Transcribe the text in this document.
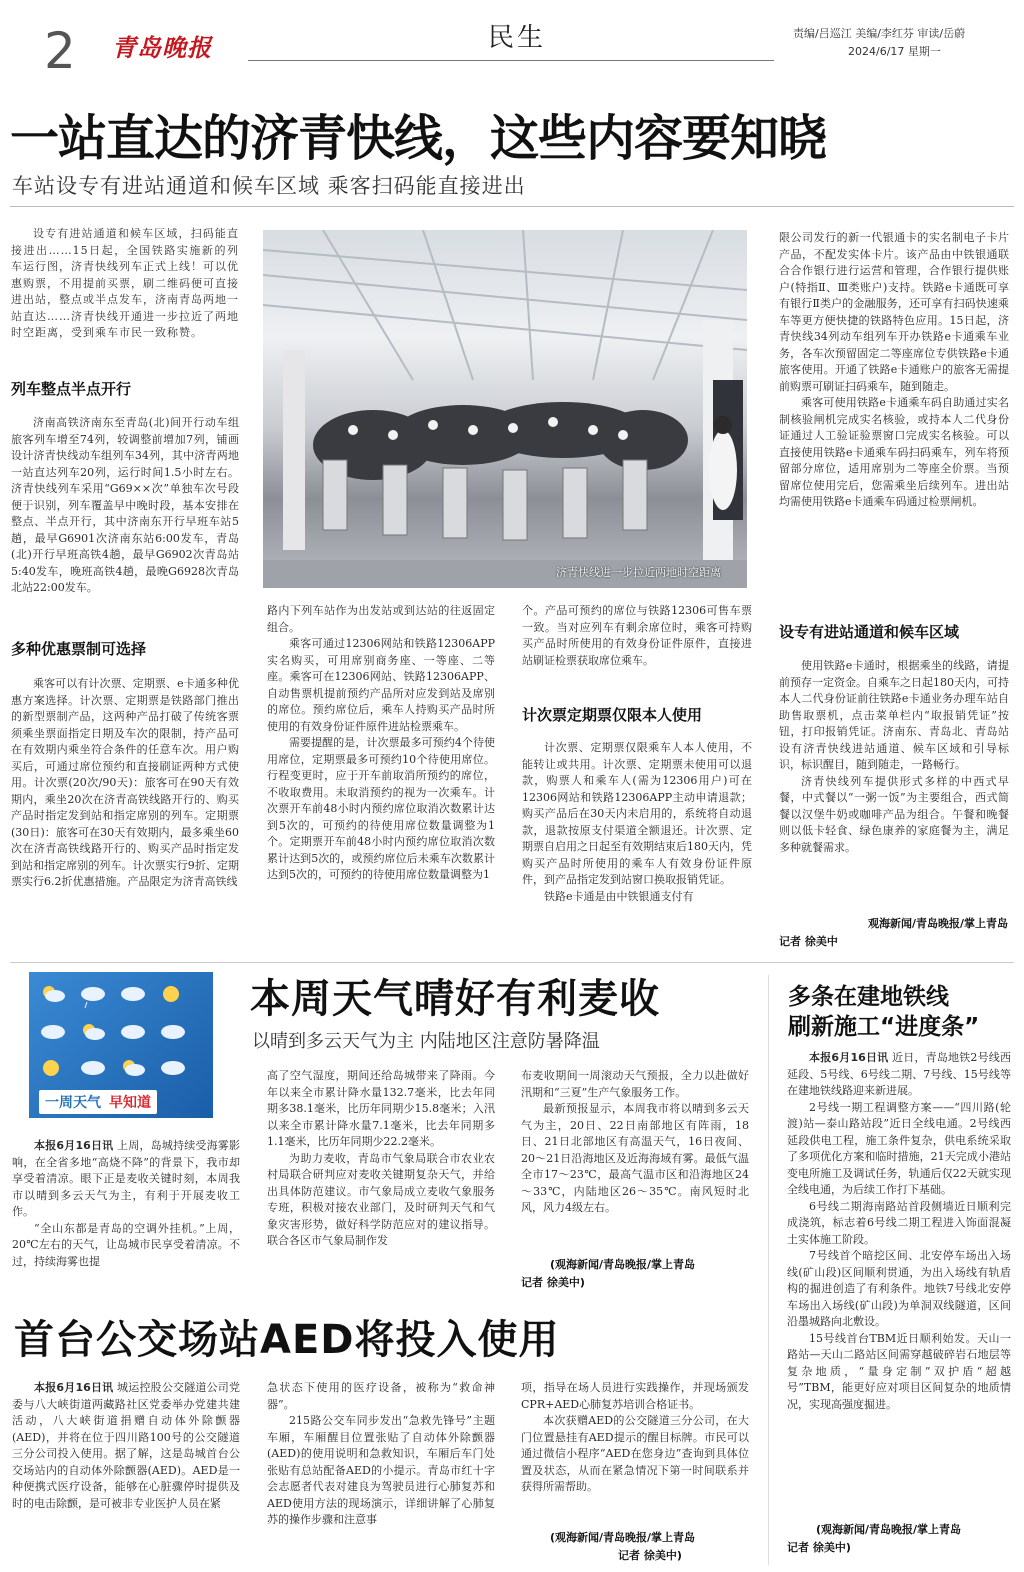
2 青岛晚报	民生	责编/吕巡江 美编/李红芬 审读/岳蔚
2024/6/17 星期一
一站直达的济青快线，这些内容要知晓
车站设专有进站通道和候车区域 乘客扫码能直接进出
设专有进站通道和候车区域，扫码能直接进出……15日起，全国铁路实施新的列车运行图，济青快线列车正式上线！可以优惠购票，不用提前买票，刷二维码便可直接进出站，整点或半点发车，济南青岛两地一站直达……济青快线开通进一步拉近了两地时空距离，受到乘车市民一致称赞。
列车整点半点开行

济南高铁济南东至青岛(北)间开行动车组旅客列车增至74列，较调整前增加7列，铺画设计济青快线动车组列车34列，其中济青两地一站直达列车20列，运行时间1.5小时左右。济青快线列车采用“G69××次”单独车次号段便于识别，列车覆盖早中晚时段，基本安排在整点、半点开行，其中济南东开行早班车站5趟，最早G6901次济南东站6:00发车，青岛(北)开行早班高铁4趟，最早G6902次青岛站5:40发车，晚班高铁4趟，最晚G6928次青岛北站22:00发车。

多种优惠票制可选择

乘客可以有计次票、定期票、e卡通多种优惠方案选择。计次票、定期票是铁路部门推出的新型票制产品，这两种产品打破了传统客票须乘坐票面指定日期及车次的限制，持产品可在有效期内乘坐符合条件的任意车次。用户购买后，可通过席位预约和直接刷证两种方式使用。计次票(20次/90天)：旅客可在90天有效期内，乘坐20次在济青高铁线路开行的、购买产品时指定发到站和指定席别的列车。定期票(30日)：旅客可在30天有效期内，最多乘坐60次在济青高铁线路开行的、购买产品时指定发到站和指定席别的列车。计次票实行9折、定期票实行6.2折优惠措施。产品限定为济青高铁线

济青快线进一步拉近两地时空距离

路内下列车站作为出发站或到达站的往返固定组合。

乘客可通过12306网站和铁路12306APP实名购买，可用席别商务座、一等座、二等座。乘客可在12306网站、铁路12306APP、自动售票机提前预约产品所对应发到站及席别的席位。预约席位后，乘车人持购买产品时所使用的有效身份证件原件进站检票乘车。

需要提醒的是，计次票最多可预约4个待使用席位，定期票最多可预约10个待使用席位。行程变更时，应于开车前取消所预约的席位，不收取费用。未取消预约的视为一次乘车。计次票开车前48小时内预约席位取消次数累计达到5次的，可预约的待使用席位数量调整为1个。定期票开车前48小时内预约席位取消次数累计达到5次的，或预约席位后未乘车次数累计达到5次的，可预约的待使用席位数量调整为1

个。产品可预约的席位与铁路12306可售车票一致。当对应列车有剩余席位时，乘客可持购买产品时所使用的有效身份证件原件，直接进站刷证检票获取席位乘车。

计次票定期票仅限本人使用

计次票、定期票仅限乘车人本人使用，不能转让或共用。计次票、定期票未使用可以退款，购票人和乘车人(需为12306用户)可在12306网站和铁路12306APP主动申请退款；购买产品后在30天内未启用的，系统将自动退款，退款按原支付渠道全额退还。计次票、定期票自启用之日起至有效期结束后180天内，凭购买产品时所使用的乘车人有效身份证件原件，到产品指定发到站窗口换取报销凭证。

铁路e卡通是由中铁银通支付有

限公司发行的新一代银通卡的实名制电子卡片产品，不配发实体卡片。该产品由中铁银通联合合作银行进行运营和管理，合作银行提供账户(特指Ⅱ、Ⅲ类账户)支持。铁路e卡通既可享有银行Ⅱ类户的金融服务，还可享有扫码快速乘车等更方便快捷的铁路特色应用。15日起，济青快线34列动车组列车开办铁路e卡通乘车业务，各车次预留固定二等座席位专供铁路e卡通旅客使用。开通了铁路e卡通账户的旅客无需提前购票可刷证扫码乘车，随到随走。

乘客可使用铁路e卡通乘车码自助通过实名制核验闸机完成实名核验，或持本人二代身份证通过人工验证验票窗口完成实名核验。可以直接使用铁路e卡通乘车码扫码乘车，列车将预留部分席位，适用席别为二等座全价票。当预留席位使用完后，您需乘坐后续列车。进出站均需使用铁路e卡通乘车码通过检票闸机。

设专有进站通道和候车区域

使用铁路e卡通时，根据乘坐的线路，请提前预存一定资金。自乘车之日起180天内，可持本人二代身份证前往铁路e卡通业务办理车站自助售取票机，点击菜单栏内“取报销凭证”按钮，打印报销凭证。济南东、青岛北、青岛站设有济青快线进站通道、候车区域和引导标识，标识醒目，随到随走，一路畅行。

济青快线列车提供形式多样的中西式早餐，中式餐以“一粥一饭”为主要组合，西式简餐以汉堡牛奶或咖啡产品为组合。午餐和晚餐则以低卡轻食、绿色康养的家庭餐为主，满足多种就餐需求。

观海新闻/青岛晚报/掌上青岛
记者 徐美中
一周天气 早知道
本周天气晴好有利麦收
以晴到多云天气为主 内陆地区注意防暑降温

本报6月16日讯 上周，岛城持续受海雾影响，在全省多地“高烧不降”的背景下，我市却享受着清凉。眼下正是麦收关键时刻，本周我市以晴到多云天气为主，有利于开展麦收工作。

“全山东都是青岛的空调外挂机。”上周，20℃左右的天气，让岛城市民享受着清凉。不过，持续海雾也提

高了空气湿度，期间还给岛城带来了降雨。今年以来全市累计降水量132.7毫米，比去年同期多38.1毫米，比历年同期少15.8毫米；入汛以来全市累计降水量7.1毫米，比去年同期多1.1毫米，比历年同期少22.2毫米。

为助力麦收，青岛市气象局联合市农业农村局联合研判应对麦收关键期复杂天气，并给出具体防范建议。市气象局成立麦收气象服务专班，积极对接农业部门，及时研判天气和气象灾害形势，做好科学防范应对的建议指导。联合各区市气象局制作发

布麦收期间一周滚动天气预报，全力以赴做好汛期和“三夏”生产气象服务工作。

最新预报显示，本周我市将以晴到多云天气为主，20日、22日南部地区有阵雨，18日、21日北部地区有高温天气，16日夜间、20～21日沿海地区及近海海域有雾。最低气温全市17～23℃，最高气温市区和沿海地区24～33℃，内陆地区26～35℃。南风短时北风，风力4级左右。

(观海新闻/青岛晚报/掌上青岛
记者 徐美中)
首台公交场站AED将投入使用

本报6月16日讯 城运控股公交隧道公司党委与八大峡街道两藏路社区党委举办党建共建活动，八大峡街道捐赠自动体外除颤器(AED)，并将在位于四川路100号的公交隧道三分公司投入使用。据了解，这是岛城首台公交场站内的自动体外除颤器(AED)。AED是一种便携式医疗设备，能够在心脏骤停时提供及时的电击除颤，是可被非专业医护人员在紧

急状态下使用的医疗设备，被称为“救命神器”。

215路公交车同步发出“急救先锋号”主题车厢，车厢醒目位置张贴了自动体外除颤器(AED)的使用说明和急救知识，车厢后车门处张贴有总站配备AED的小提示。青岛市红十字会志愿者代表对建良为驾驶员进行心肺复苏和AED使用方法的现场演示，详细讲解了心肺复苏的操作步骤和注意事

项，指导在场人员进行实践操作，并现场颁发CPR+AED心肺复苏培训合格证书。

本次获赠AED的公交隧道三分公司，在大门位置悬挂有AED提示的醒目标牌。市民可以通过微信小程序“AED在您身边”查询到具体位置及状态，从而在紧急情况下第一时间联系并获得所需帮助。

(观海新闻/青岛晚报/掌上青岛
记者 徐美中)
多条在建地铁线
刷新施工“进度条”

本报6月16日讯 近日，青岛地铁2号线西延段、5号线、6号线二期、7号线、15号线等在建地铁线路迎来新进展。

2号线一期工程调整方案——“四川路(轮渡)站—泰山路站段”近日全线电通。2号线西延段供电工程，施工条件复杂，供电系统采取了多项优化方案和临时措施，21天完成小港站变电所施工及调试任务，轨通后仅22天就实现全线电通，为后续工作打下基础。

6号线二期海南路站首段侧墙近日顺利完成浇筑，标志着6号线二期工程进入饰面混凝土实体施工阶段。

7号线首个暗挖区间、北安停车场出入场线(矿山段)区间顺利贯通，为出入场线有轨盾构的掘进创造了有利条件。地铁7号线北安停车场出入场线(矿山段)为单洞双线隧道，区间沿墨城路向北敷设。

15号线首台TBM近日顺利始发。天山一路站—天山二路站区间需穿越破碎岩石地层等复杂地质，“量身定制”双护盾“超越号”TBM，能更好应对项目区间复杂的地质情况，实现高强度掘进。

(观海新闻/青岛晚报/掌上青岛
记者 徐美中)
